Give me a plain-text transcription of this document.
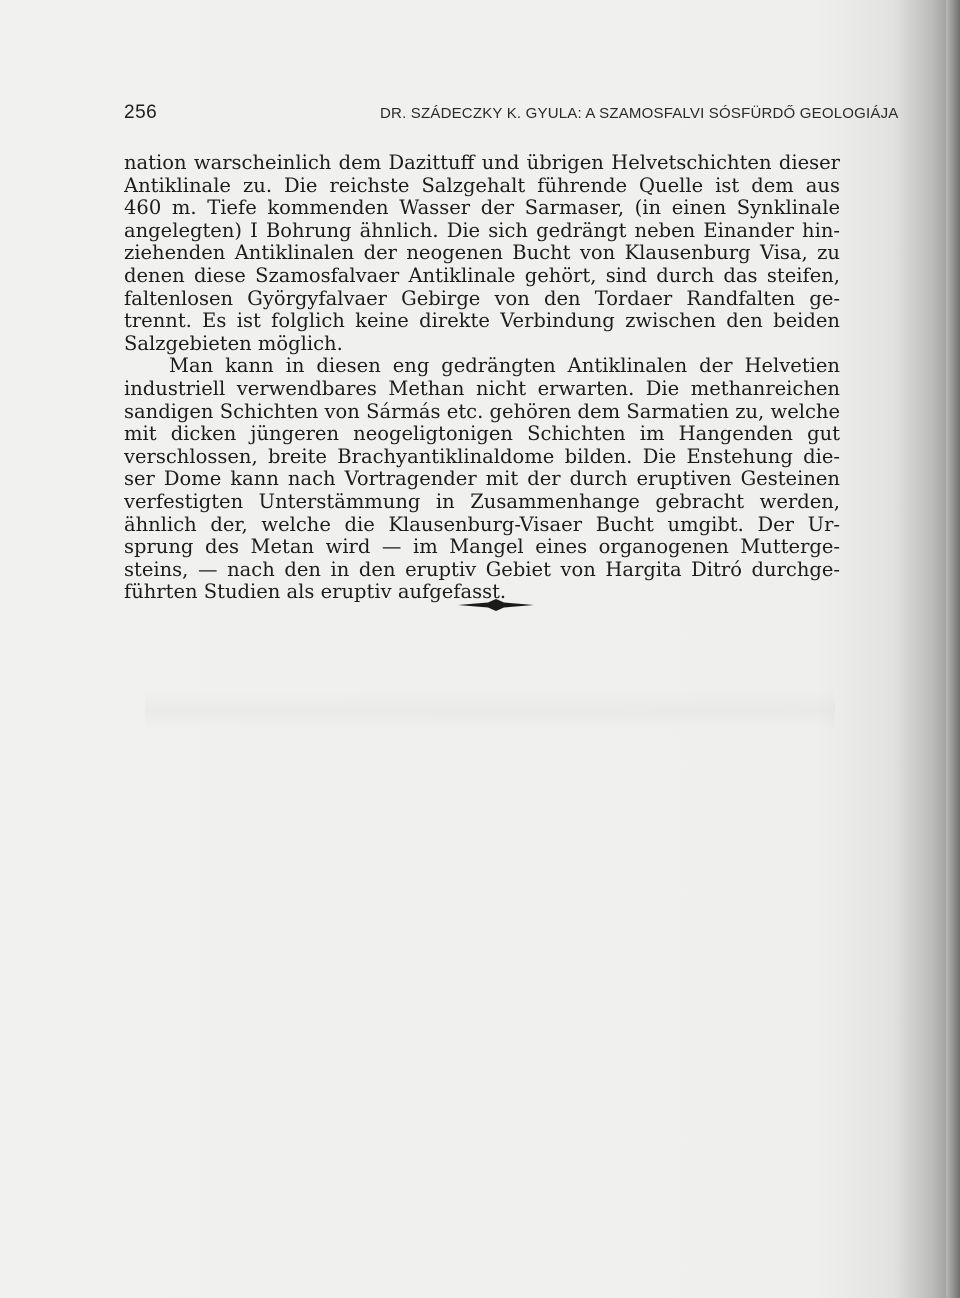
256	DR. SZÁDECZKY K. GYULA: A SZAMOSFALVI SÓSFÜRDŐ GEOLOGIÁJA
nation warscheinlich dem Dazittuff und übrigen Helvetschichten dieser
Antiklinale zu. Die reichste Salzgehalt führende Quelle ist dem aus
460 m. Tiefe kommenden Wasser der Sarmaser, (in einen Synklinale
angelegten) I Bohrung ähnlich. Die sich gedrängt neben Einander hin-
ziehenden Antiklinalen der neogenen Bucht von Klausenburg Visa, zu
denen diese Szamosfalvaer Antiklinale gehört, sind durch das steifen,
faltenlosen Györgyfalvaer Gebirge von den Tordaer Randfalten ge-
trennt. Es ist folglich keine direkte Verbindung zwischen den beiden
Salzgebieten möglich.
Man kann in diesen eng gedrängten Antiklinalen der Helvetien
industriell verwendbares Methan nicht erwarten. Die methanreichen
sandigen Schichten von Sármás etc. gehören dem Sarmatien zu, welche
mit dicken jüngeren neogeligtonigen Schichten im Hangenden gut
verschlossen, breite Brachyantiklinaldome bilden. Die Enstehung die-
ser Dome kann nach Vortragender mit der durch eruptiven Gesteinen
verfestigten Unterstämmung in Zusammenhange gebracht werden,
ähnlich der, welche die Klausenburg-Visaer Bucht umgibt. Der Ur-
sprung des Metan wird — im Mangel eines organogenen Mutterge-
steins, — nach den in den eruptiv Gebiet von Hargita Ditró durchge-
führten Studien als eruptiv aufgefasst.
